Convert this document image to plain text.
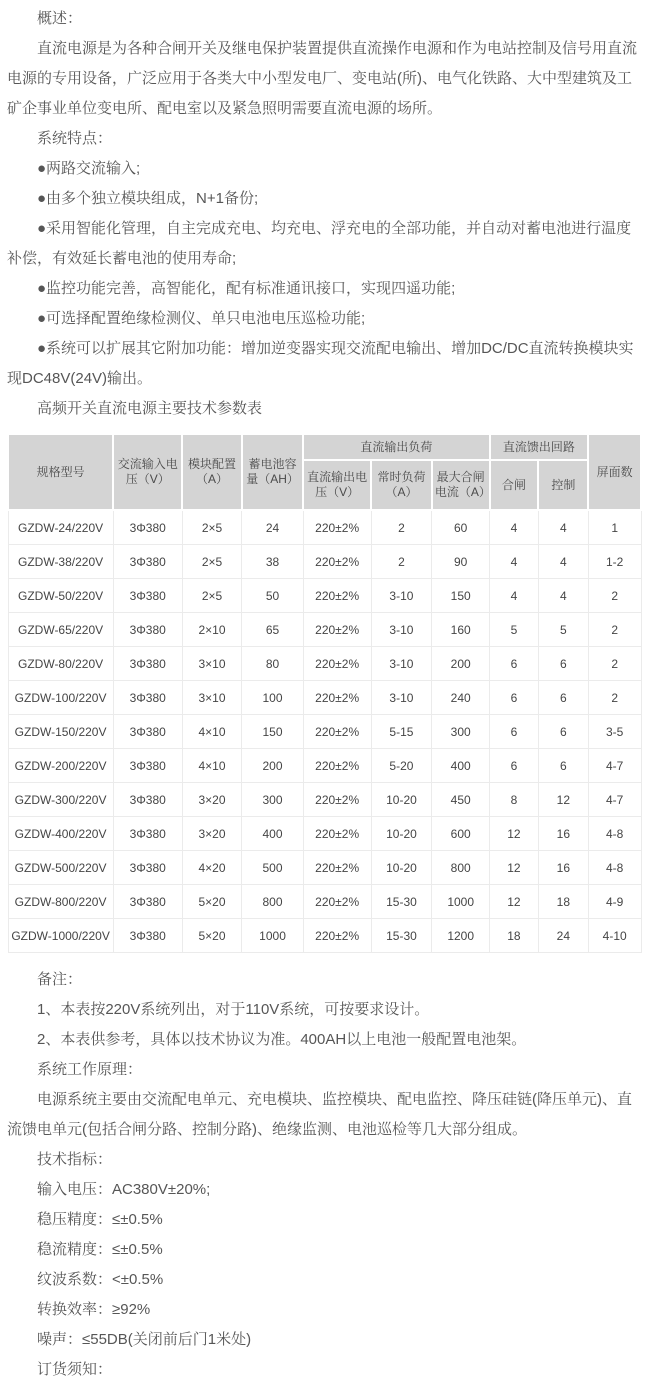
概述：

直流电源是为各种合闸开关及继电保护装置提供直流操作电源和作为电站控制及信号用直流电源的专用设备，广泛应用于各类大中小型发电厂、变电站(所)、电气化铁路、大中型建筑及工矿企事业单位变电所、配电室以及紧急照明需要直流电源的场所。

系统特点：

●两路交流输入;

●由多个独立模块组成，N+1备份;

●采用智能化管理，自主完成充电、均充电、浮充电的全部功能，并自动对蓄电池进行温度补偿，有效延长蓄电池的使用寿命;

●监控功能完善，高智能化，配有标准通讯接口，实现四遥功能;

●可选择配置绝缘检测仪、单只电池电压巡检功能;

●系统可以扩展其它附加功能：增加逆变器实现交流配电输出、增加DC/DC直流转换模块实现DC48V(24V)输出。

高频开关直流电源主要技术参数表

规格型号	交流输入电压（V）	模块配置（A）	蓄电池容量（AH）	直流输出负荷			直流馈出回路		屏面数
				直流输出电压（V）	常时负荷（A）	最大合闸电流（A）	合闸	控制	
GZDW-24/220V	3Φ380	2×5	24	220±2%	2	60	4	4	1
GZDW-38/220V	3Φ380	2×5	38	220±2%	2	90	4	4	1-2
GZDW-50/220V	3Φ380	2×5	50	220±2%	3-10	150	4	4	2
GZDW-65/220V	3Φ380	2×10	65	220±2%	3-10	160	5	5	2
GZDW-80/220V	3Φ380	3×10	80	220±2%	3-10	200	6	6	2
GZDW-100/220V	3Φ380	3×10	100	220±2%	3-10	240	6	6	2
GZDW-150/220V	3Φ380	4×10	150	220±2%	5-15	300	6	6	3-5
GZDW-200/220V	3Φ380	4×10	200	220±2%	5-20	400	6	6	4-7
GZDW-300/220V	3Φ380	3×20	300	220±2%	10-20	450	8	12	4-7
GZDW-400/220V	3Φ380	3×20	400	220±2%	10-20	600	12	16	4-8
GZDW-500/220V	3Φ380	4×20	500	220±2%	10-20	800	12	16	4-8
GZDW-800/220V	3Φ380	5×20	800	220±2%	15-30	1000	12	18	4-9
GZDW-1000/220V	3Φ380	5×20	1000	220±2%	15-30	1200	18	24	4-10

备注：

1、本表按220V系统列出，对于110V系统，可按要求设计。

2、本表供参考，具体以技术协议为准。400AH以上电池一般配置电池架。

系统工作原理：

电源系统主要由交流配电单元、充电模块、监控模块、配电监控、降压硅链(降压单元)、直流馈电单元(包括合闸分路、控制分路)、绝缘监测、电池巡检等几大部分组成。

技术指标：

输入电压：AC380V±20%;

稳压精度：≤±0.5%

稳流精度：≤±0.5%

纹波系数：<±0.5%

转换效率：≥92%

噪声：≤55DB(关闭前后门1米处)

订货须知：
